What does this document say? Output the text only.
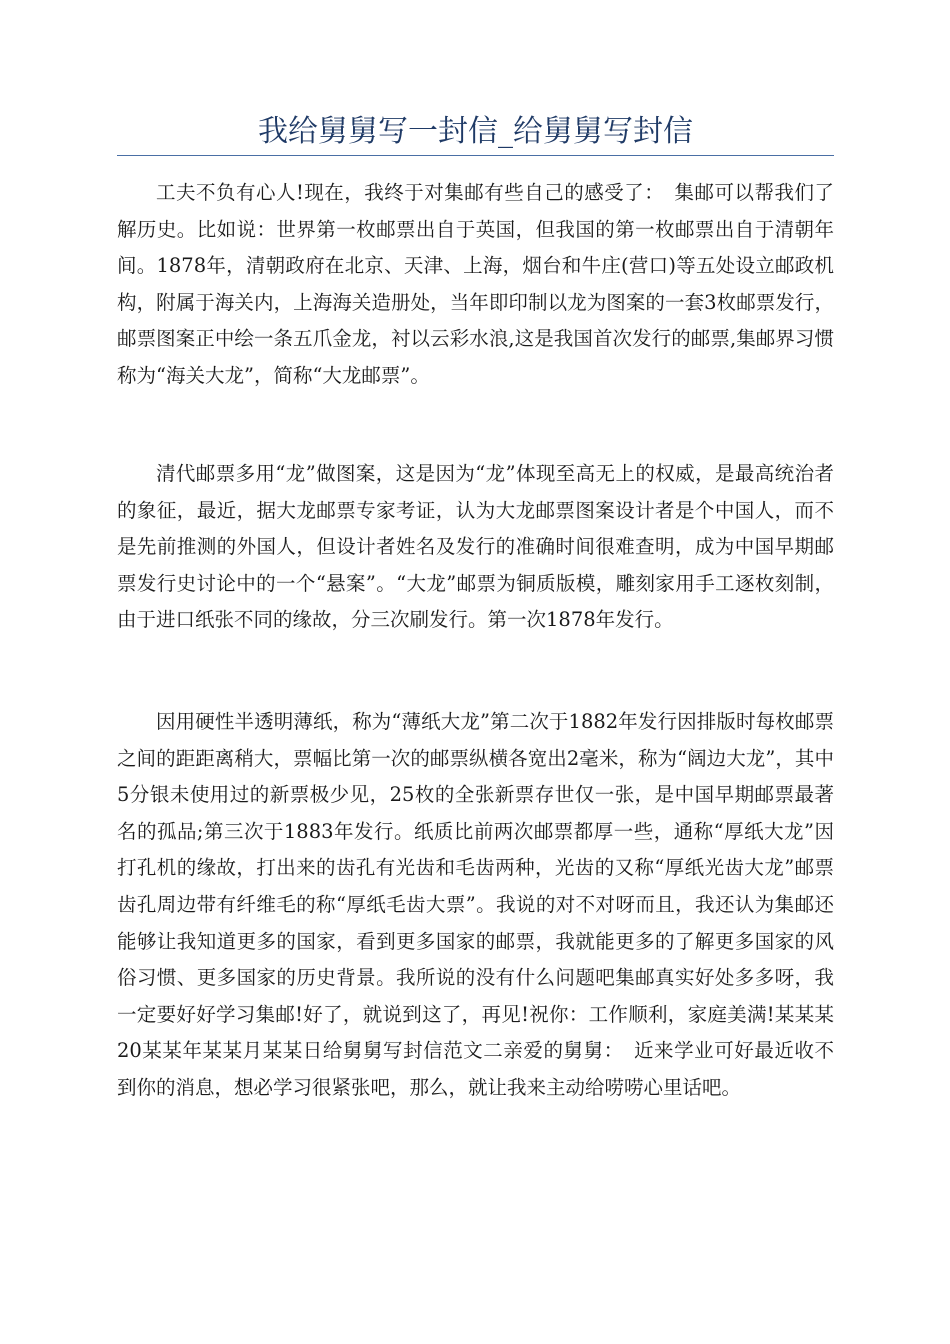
我给舅舅写一封信_给舅舅写封信

工夫不负有心人!现在，我终于对集邮有些自己的感受了：　集邮可以帮我们了解历史。比如说：世界第一枚邮票出自于英国，但我国的第一枚邮票出自于清朝年间。1878年，清朝政府在北京、天津、上海，烟台和牛庄(营口)等五处设立邮政机构，附属于海关内，上海海关造册处，当年即印制以龙为图案的一套3枚邮票发行，邮票图案正中绘一条五爪金龙，衬以云彩水浪,这是我国首次发行的邮票,集邮界习惯称为“海关大龙”，简称“大龙邮票”。

清代邮票多用“龙”做图案，这是因为“龙”体现至高无上的权威，是最高统治者的象征，最近，据大龙邮票专家考证，认为大龙邮票图案设计者是个中国人，而不是先前推测的外国人，但设计者姓名及发行的准确时间很难查明，成为中国早期邮票发行史讨论中的一个“悬案”。“大龙”邮票为铜质版模，雕刻家用手工逐枚刻制，由于进口纸张不同的缘故，分三次刷发行。第一次1878年发行。

因用硬性半透明薄纸，称为“薄纸大龙”第二次于1882年发行因排版时每枚邮票之间的距距离稍大，票幅比第一次的邮票纵横各宽出2毫米，称为“阔边大龙”，其中5分银未使用过的新票极少见，25枚的全张新票存世仅一张，是中国早期邮票最著名的孤品;第三次于1883年发行。纸质比前两次邮票都厚一些，通称“厚纸大龙”因打孔机的缘故，打出来的齿孔有光齿和毛齿两种，光齿的又称“厚纸光齿大龙”邮票齿孔周边带有纤维毛的称“厚纸毛齿大票”。我说的对不对呀而且，我还认为集邮还能够让我知道更多的国家，看到更多国家的邮票，我就能更多的了解更多国家的风俗习惯、更多国家的历史背景。我所说的没有什么问题吧集邮真实好处多多呀，我一定要好好学习集邮!好了，就说到这了，再见!祝你：工作顺利，家庭美满!某某某20某某年某某月某某日给舅舅写封信范文二亲爱的舅舅：　近来学业可好最近收不到你的消息，想必学习很紧张吧，那么，就让我来主动给唠唠心里话吧。
